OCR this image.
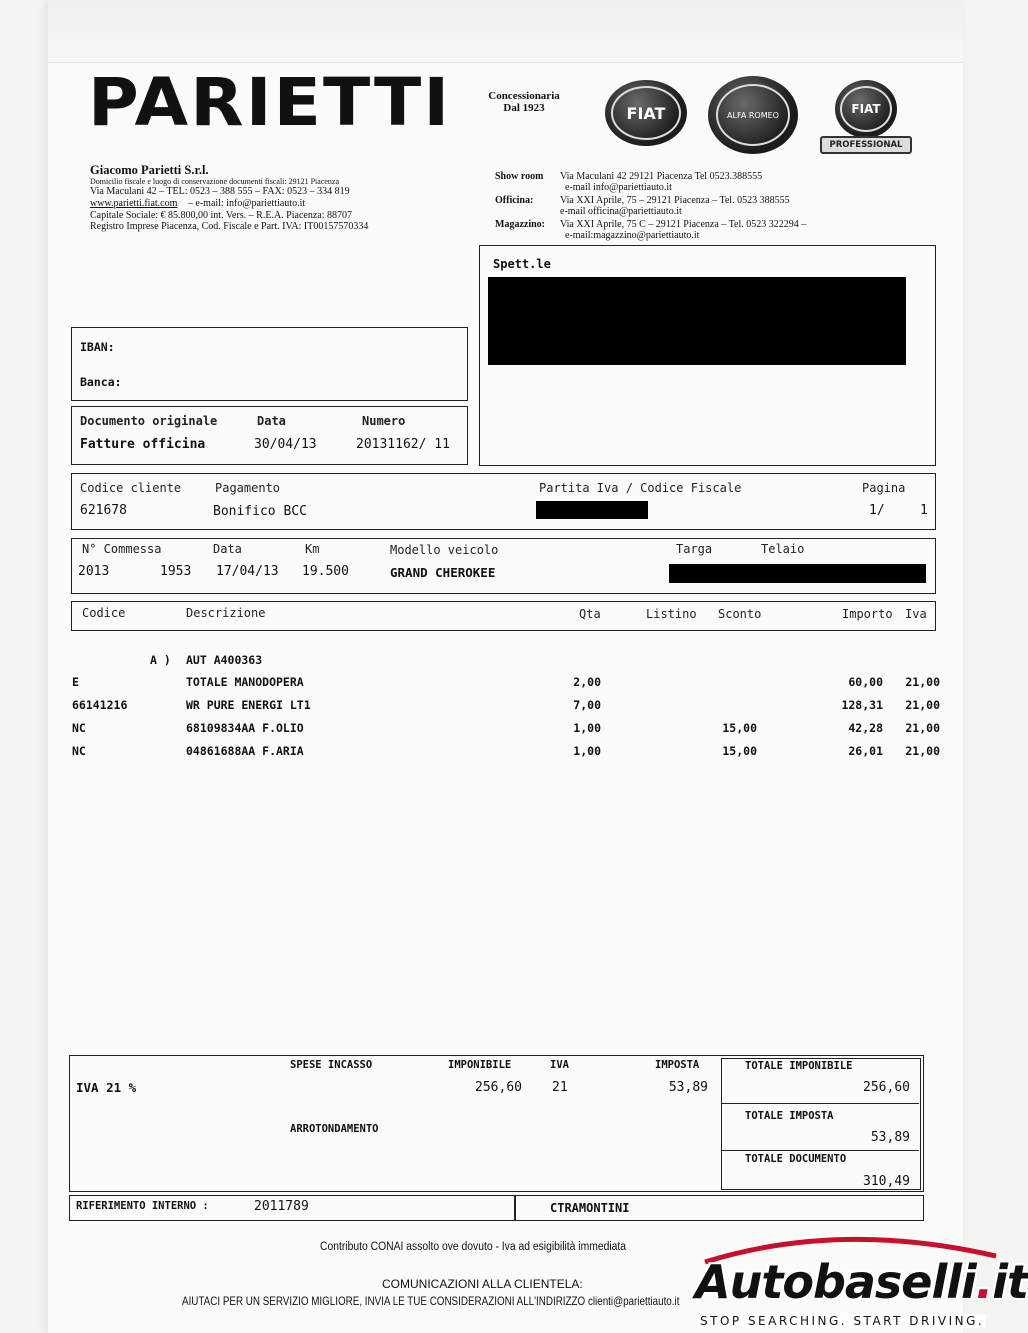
PARIETTI	Concessionaria
Dal 1923	FIAT	ALFA ROMEO	FIAT
PROFESSIONAL
Giacomo Parietti S.r.l.
Domicilio fiscale e luogo di conservazione documenti fiscali: 29121 Piacenza
Via Maculani 42 – TEL: 0523 – 388 555 – FAX: 0523 – 334 819
www.parietti.fiat.com – e-mail: info@pariettiauto.it
Capitale Sociale: € 85.800,00 int. Vers. – R.E.A. Piacenza: 88707
Registro Imprese Piacenza, Cod. Fiscale e Part. IVA: IT00157570334
Show room Via Maculani 42 29121 Piacenza Tel 0523.388555
e-mail info@pariettiauto.it
Officina:	Via XXI Aprile, 75 – 29121 Piacenza – Tel. 0523 388555
e-mail officina@pariettiauto.it
Magazzino: Via XXI Aprile, 75 C – 29121 Piacenza – Tel. 0523 322294 –
e-mail:magazzino@pariettiauto.it
Spett.le
IBAN:
Banca:
Documento originale	Data	Numero
Fatture officina	30/04/13	20131162/ 11
Codice cliente	Pagamento	Partita Iva / Codice Fiscale	Pagina
621678	Bonifico BCC	1/	1
N° Commessa	Data	Km	Modello veicolo	Targa	Telaio
2013	1953 17/04/13 19.500	GRAND CHEROKEE
Codice	Descrizione	Qta	Listino Sconto	Importo Iva
A ) AUT A400363
E	TOTALE MANODOPERA	2,00	60,00 21,00
66141216	WR PURE ENERGI LT1	7,00	128,31 21,00
NC	68109834AA F.OLIO	1,00	15,00	42,28 21,00
NC	04861688AA F.ARIA	1,00	15,00	26,01 21,00
SPESE INCASSO	IMPONIBILE	IVA	IMPOSTA
IVA 21 %	256,60 21	53,89
ARROTONDAMENTO
TOTALE IMPONIBILE
256,60
TOTALE IMPOSTA
53,89
TOTALE DOCUMENTO
310,49
RIFERIMENTO INTERNO :	2011789	CTRAMONTINI
Contributo CONAI assolto ove dovuto - Iva ad esigibilità immediata
COMUNICAZIONI ALLA CLIENTELA:
AIUTACI PER UN SERVIZIO MIGLIORE, INVIA LE TUE CONSIDERAZIONI ALL'INDIRIZZO clienti@pariettiauto.it Autobaselli.it
STOP SEARCHING. START DRIVING.
